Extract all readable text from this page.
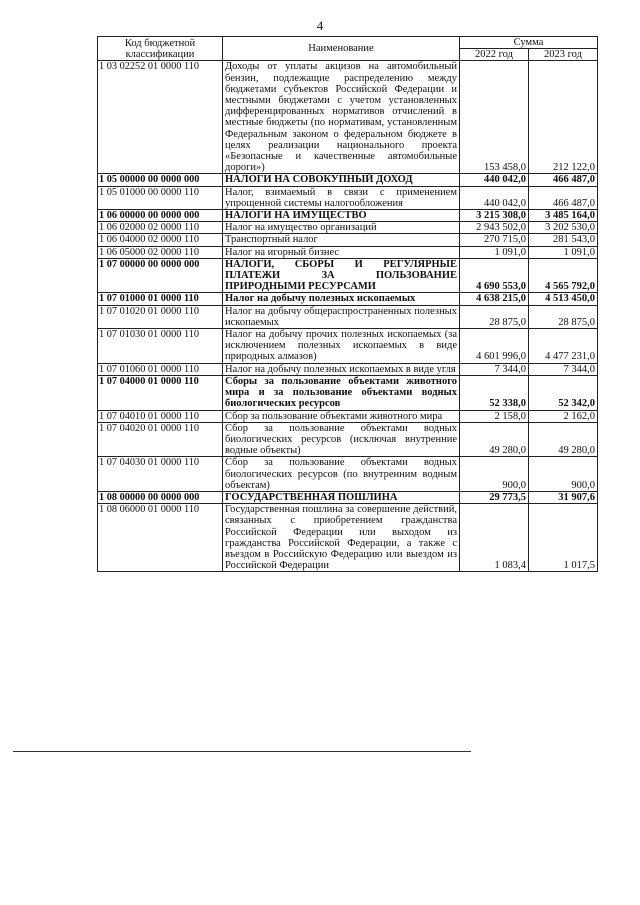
4
Код бюджетной классификации	Наименование	Сумма	
		2022 год	2023 год
1 03 02252 01 0000 110	Доходы от уплаты акцизов на автомобильный бензин, подлежащие распределению между бюджетами субъектов Российской Федерации и местными бюджетами с учетом установленных дифференцированных нормативов отчислений в местные бюджеты (по нормативам, установленным Федеральным законом о федеральном бюджете в целях реализации национального проекта «Безопасные и качественные автомобильные дороги»)	153 458,0	212 122,0
1 05 00000 00 0000 000	НАЛОГИ НА СОВОКУПНЫЙ ДОХОД	440 042,0	466 487,0
1 05 01000 00 0000 110	Налог, взимаемый в связи с применением упрощенной системы налогообложения	440 042,0	466 487,0
1 06 00000 00 0000 000	НАЛОГИ НА ИМУЩЕСТВО	3 215 308,0	3 485 164,0
1 06 02000 02 0000 110	Налог на имущество организаций	2 943 502,0	3 202 530,0
1 06 04000 02 0000 110	Транспортный налог	270 715,0	281 543,0
1 06 05000 02 0000 110	Налог на игорный бизнес	1 091,0	1 091,0
1 07 00000 00 0000 000	НАЛОГИ, СБОРЫ И РЕГУЛЯРНЫЕ ПЛАТЕЖИ ЗА ПОЛЬЗОВАНИЕ ПРИРОДНЫМИ РЕСУРСАМИ	4 690 553,0	4 565 792,0
1 07 01000 01 0000 110	Налог на добычу полезных ископаемых	4 638 215,0	4 513 450,0
1 07 01020 01 0000 110	Налог на добычу общераспространенных полезных ископаемых	28 875,0	28 875,0
1 07 01030 01 0000 110	Налог на добычу прочих полезных ископаемых (за исключением полезных ископаемых в виде природных алмазов)	4 601 996,0	4 477 231,0
1 07 01060 01 0000 110	Налог на добычу полезных ископаемых в виде угля	7 344,0	7 344,0
1 07 04000 01 0000 110	Сборы за пользование объектами животного мира и за пользование объектами водных биологических ресурсов	52 338,0	52 342,0
1 07 04010 01 0000 110	Сбор за пользование объектами животного мира	2 158,0	2 162,0
1 07 04020 01 0000 110	Сбор за пользование объектами водных биологических ресурсов (исключая внутренние водные объекты)	49 280,0	49 280,0
1 07 04030 01 0000 110	Сбор за пользование объектами водных биологических ресурсов (по внутренним водным объектам)	900,0	900,0
1 08 00000 00 0000 000	ГОСУДАРСТВЕННАЯ ПОШЛИНА	29 773,5	31 907,6
1 08 06000 01 0000 110	Государственная пошлина за совершение действий, связанных с приобретением гражданства Российской Федерации или выходом из гражданства Российской Федерации, а также с въездом в Российскую Федерацию или выездом из Российской Федерации	1 083,4	1 017,5
